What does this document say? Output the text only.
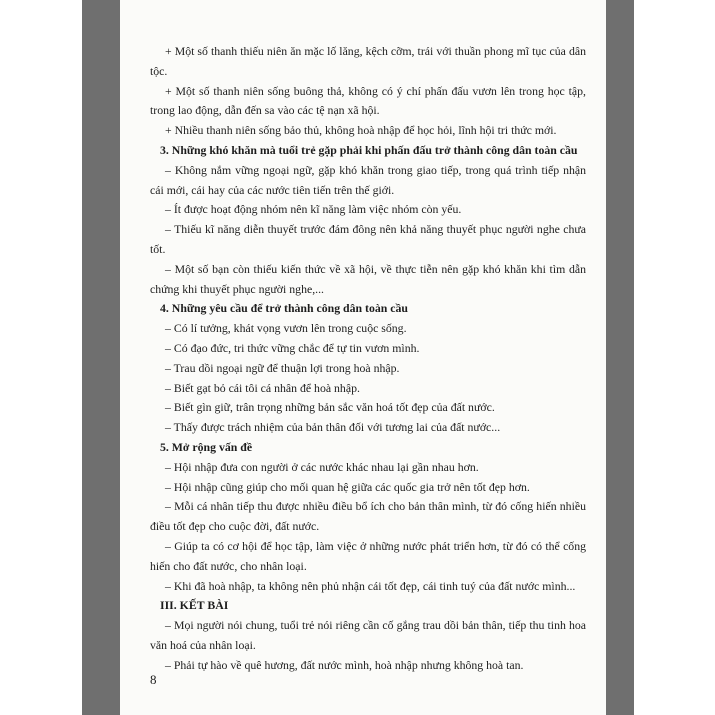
+ Một số thanh thiếu niên ăn mặc lố lăng, kệch cỡm, trái với thuần phong mĩ tục của dân tộc.

+ Một số thanh niên sống buông thả, không có ý chí phấn đấu vươn lên trong học tập, trong lao động, dẫn đến sa vào các tệ nạn xã hội.

+ Nhiều thanh niên sống bảo thủ, không hoà nhập để học hỏi, lĩnh hội tri thức mới.

3. Những khó khăn mà tuổi trẻ gặp phải khi phấn đấu trở thành công dân toàn cầu

– Không nắm vững ngoại ngữ, gặp khó khăn trong giao tiếp, trong quá trình tiếp nhận cái mới, cái hay của các nước tiên tiến trên thế giới.

– Ít được hoạt động nhóm nên kĩ năng làm việc nhóm còn yếu.

– Thiếu kĩ năng diễn thuyết trước đám đông nên khả năng thuyết phục người nghe chưa tốt.

– Một số bạn còn thiếu kiến thức về xã hội, về thực tiễn nên gặp khó khăn khi tìm dẫn chứng khi thuyết phục người nghe,...

4. Những yêu cầu để trở thành công dân toàn cầu

– Có lí tưởng, khát vọng vươn lên trong cuộc sống.

– Có đạo đức, tri thức vững chắc để tự tin vươn mình.

– Trau dồi ngoại ngữ để thuận lợi trong hoà nhập.

– Biết gạt bỏ cái tôi cá nhân để hoà nhập.

– Biết gìn giữ, trân trọng những bản sắc văn hoá tốt đẹp của đất nước.

– Thấy được trách nhiệm của bản thân đối với tương lai của đất nước...

5. Mở rộng vấn đề

– Hội nhập đưa con người ở các nước khác nhau lại gần nhau hơn.

– Hội nhập cũng giúp cho mối quan hệ giữa các quốc gia trở nên tốt đẹp hơn.

– Mỗi cá nhân tiếp thu được nhiều điều bổ ích cho bản thân mình, từ đó cống hiến nhiều điều tốt đẹp cho cuộc đời, đất nước.

– Giúp ta có cơ hội để học tập, làm việc ở những nước phát triển hơn, từ đó có thể cống hiến cho đất nước, cho nhân loại.

– Khi đã hoà nhập, ta không nên phủ nhận cái tốt đẹp, cái tinh tuý của đất nước mình...

III. KẾT BÀI

– Mọi người nói chung, tuổi trẻ nói riêng cần cố gắng trau dồi bản thân, tiếp thu tinh hoa văn hoá của nhân loại.

– Phải tự hào về quê hương, đất nước mình, hoà nhập nhưng không hoà tan.

8
